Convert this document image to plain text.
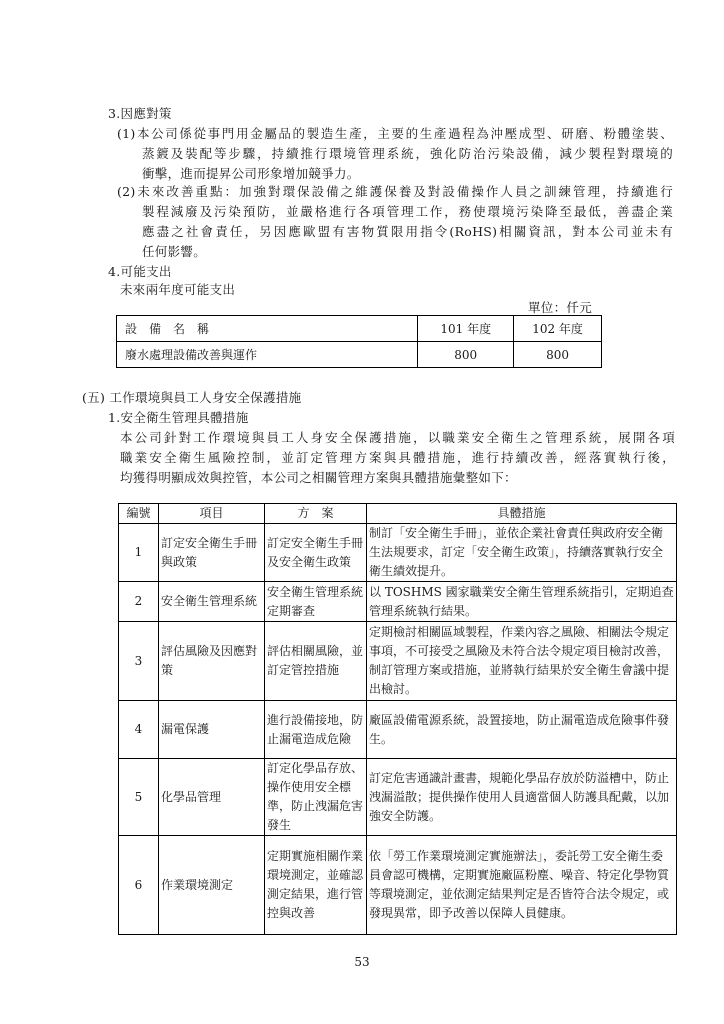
3.因應對策
(1)本公司係從事門用金屬品的製造生產，主要的生產過程為沖壓成型、研磨、粉體塗裝、
蒸鍍及裝配等步驟，持續推行環境管理系統，強化防治污染設備，減少製程對環境的
衝擊，進而提昇公司形象增加競爭力。
(2)未來改善重點：加強對環保設備之維護保養及對設備操作人員之訓練管理，持續進行
製程減廢及污染預防，並嚴格進行各項管理工作，務使環境污染降至最低，善盡企業
應盡之社會責任，另因應歐盟有害物質限用指令(RoHS)相關資訊，對本公司並未有
任何影響。
4.可能支出
未來兩年度可能支出
單位：仟元
設　備　名　稱	101 年度	102 年度
廢水處理設備改善與運作	800	800
(五) 工作環境與員工人身安全保護措施
1.安全衛生管理具體措施
本公司針對工作環境與員工人身安全保護措施，以職業安全衛生之管理系統，展開各項
職業安全衛生風險控制，並訂定管理方案與具體措施，進行持續改善，經落實執行後，
均獲得明顯成效與控管，本公司之相關管理方案與具體措施彙整如下：
編號	項目	方　案	具體措施
1	訂定安全衛生手冊與政策	訂定安全衛生手冊及安全衛生政策	制訂「安全衛生手冊」，並依企業社會責任與政府安全衛生法規要求，訂定「安全衛生政策」，持續落實執行安全衛生績效提升。
2	安全衛生管理系統	安全衛生管理系統定期審查	以 TOSHMS 國家職業安全衛生管理系統指引，定期追查管理系統執行結果。
3	評估風險及因應對策	評估相關風險，並訂定管控措施	定期檢討相關區域製程，作業內容之風險、相關法令規定事項，不可接受之風險及未符合法令規定項目檢討改善，制訂管理方案或措施，並將執行結果於安全衛生會議中提出檢討。
4	漏電保護	進行設備接地，防止漏電造成危險	廠區設備電源系統，設置接地，防止漏電造成危險事件發生。
5	化學品管理	訂定化學品存放、操作使用安全標準，防止洩漏危害發生	訂定危害通識計畫書，規範化學品存放於防溢槽中，防止洩漏溢散；提供操作使用人員適當個人防護具配戴，以加強安全防護。
6	作業環境測定	定期實施相關作業環境測定，並確認測定結果，進行管控與改善	依「勞工作業環境測定實施辦法」，委託勞工安全衛生委員會認可機構，定期實施廠區粉塵、噪音、特定化學物質等環境測定，並依測定結果判定是否皆符合法令規定，或發現異常，即予改善以保障人員健康。
53
